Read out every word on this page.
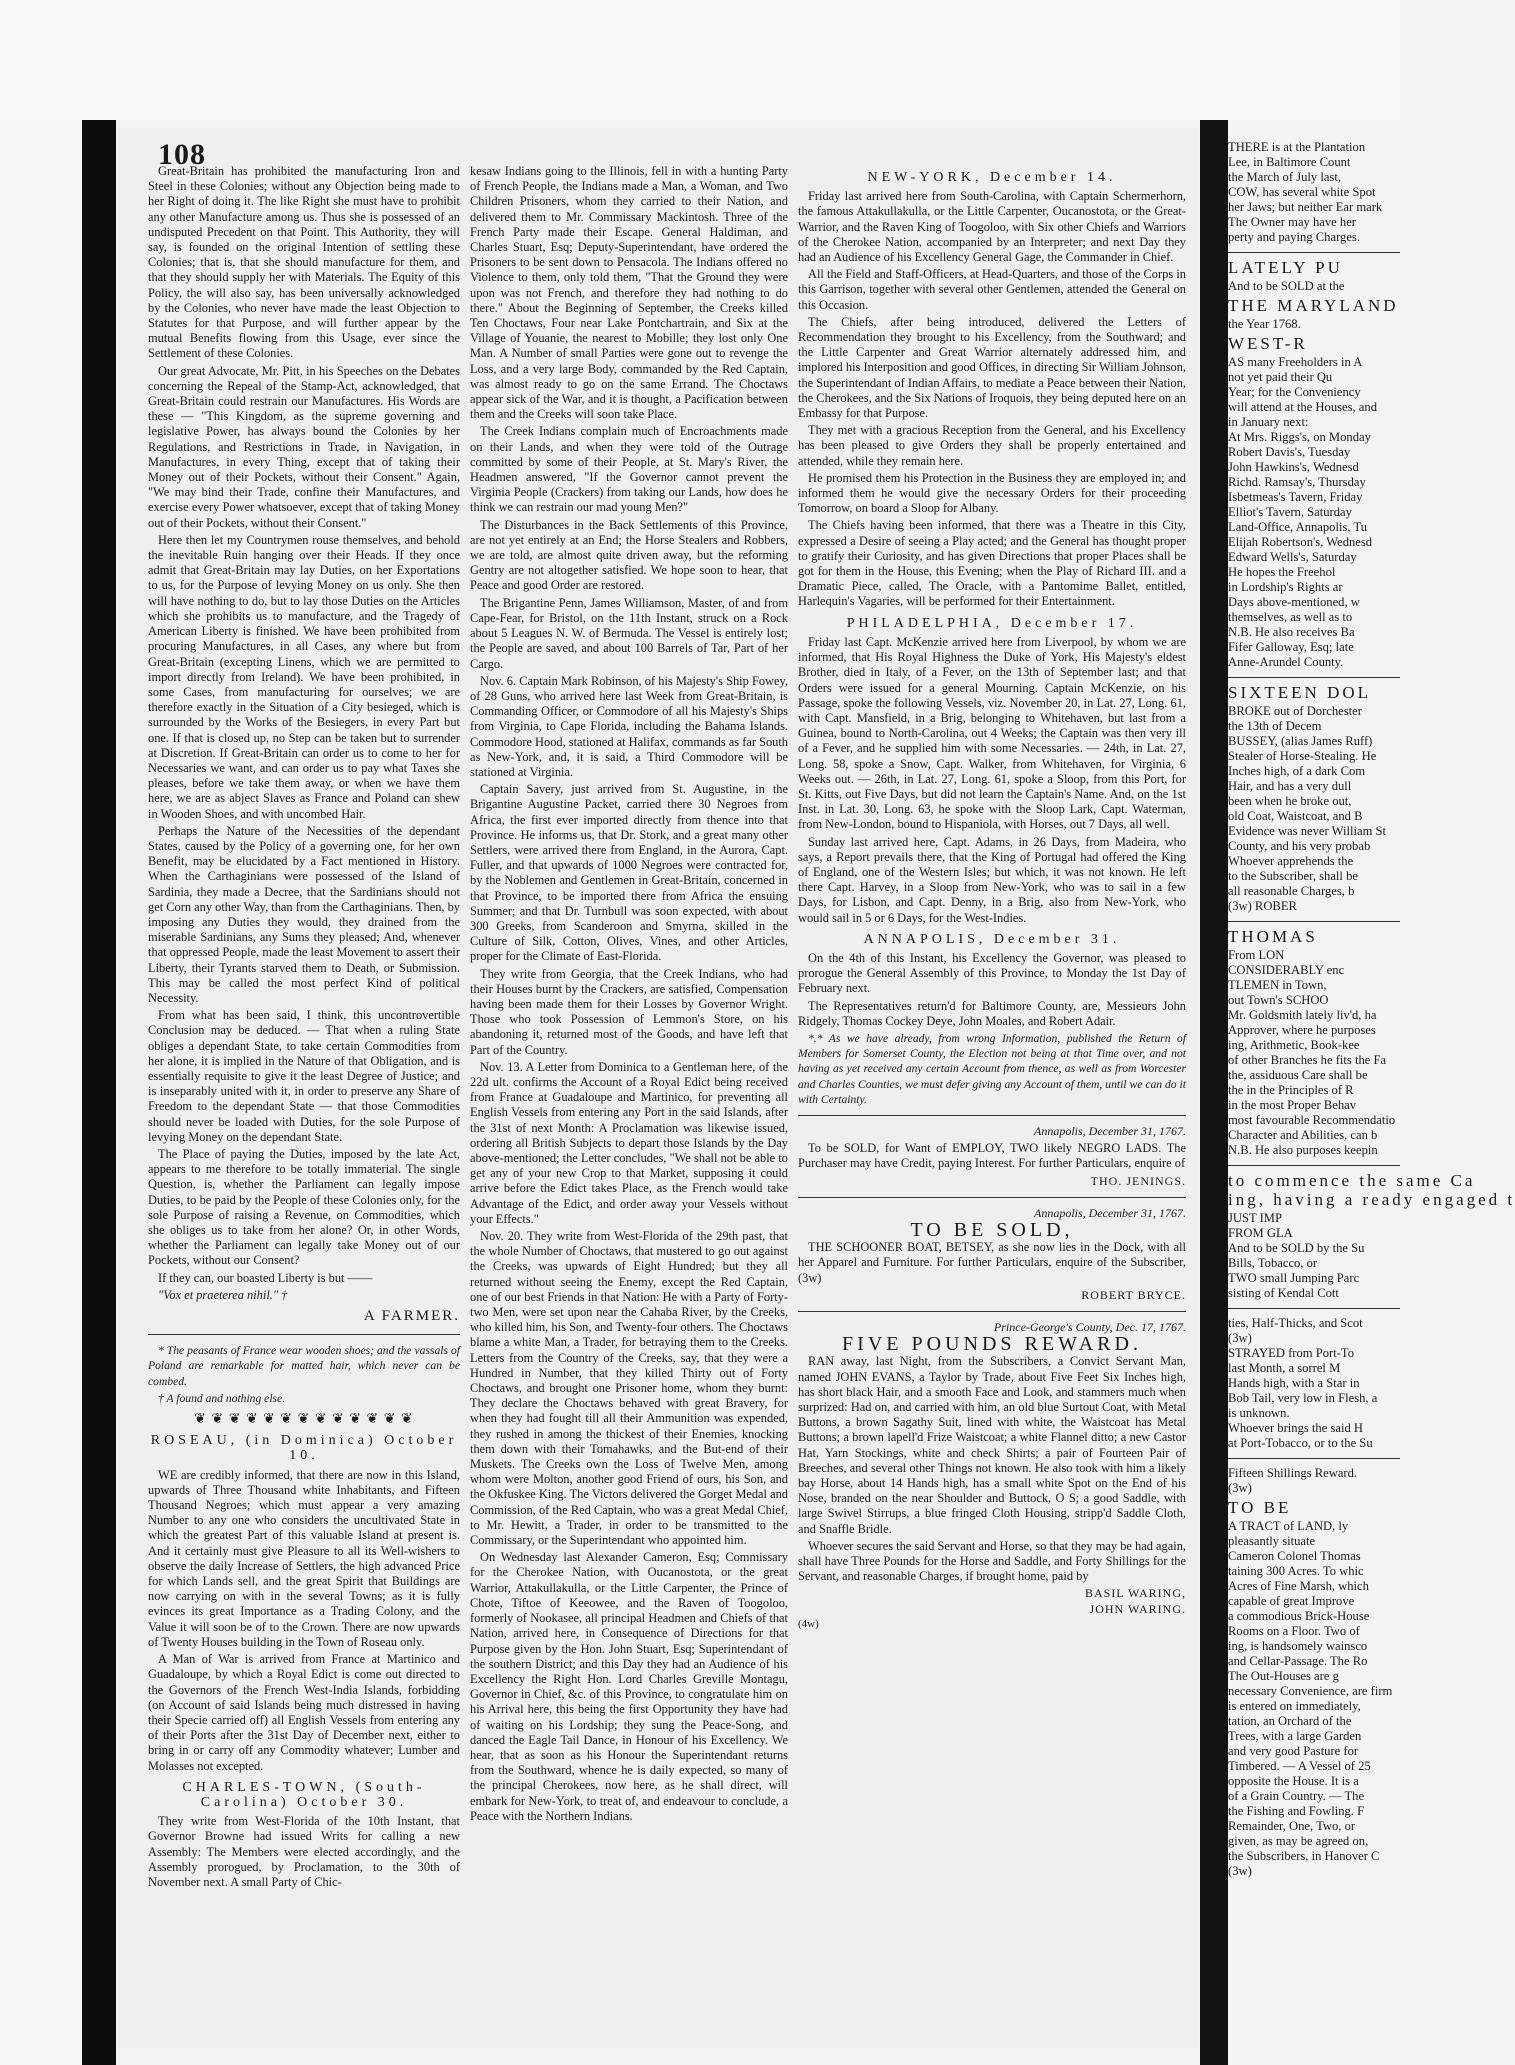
108

Great-Britain has prohibited the manufacturing Iron and Steel in these Colonies; without any Objection being made to her Right of doing it. The like Right she must have to prohibit any other Manufacture among us. Thus she is possessed of an undisputed Precedent on that Point. This Authority, they will say, is founded on the original Intention of settling these Colonies; that is, that she should manufacture for them, and that they should supply her with Materials. The Equity of this Policy, the will also say, has been universally acknowledged by the Colonies, who never have made the least Objection to Statutes for that Purpose, and will further appear by the mutual Benefits flowing from this Usage, ever since the Settlement of these Colonies.

Our great Advocate, Mr. Pitt, in his Speeches on the Debates concerning the Repeal of the Stamp-Act, acknowledged, that Great-Britain could restrain our Manufactures. His Words are these — "This Kingdom, as the supreme governing and legislative Power, has always bound the Colonies by her Regulations, and Restrictions in Trade, in Navigation, in Manufactures, in every Thing, except that of taking their Money out of their Pockets, without their Consent." Again, "We may bind their Trade, confine their Manufactures, and exercise every Power whatsoever, except that of taking Money out of their Pockets, without their Consent."

Here then let my Countrymen rouse themselves, and behold the inevitable Ruin hanging over their Heads. If they once admit that Great-Britain may lay Duties, on her Exportations to us, for the Purpose of levying Money on us only. She then will have nothing to do, but to lay those Duties on the Articles which she prohibits us to manufacture, and the Tragedy of American Liberty is finished. We have been prohibited from procuring Manufactures, in all Cases, any where but from Great-Britain (excepting Linens, which we are permitted to import directly from Ireland). We have been prohibited, in some Cases, from manufacturing for ourselves; we are therefore exactly in the Situation of a City besieged, which is surrounded by the Works of the Besiegers, in every Part but one. If that is closed up, no Step can be taken but to surrender at Discretion. If Great-Britain can order us to come to her for Necessaries we want, and can order us to pay what Taxes she pleases, before we take them away, or when we have them here, we are as abject Slaves as France and Poland can shew in Wooden Shoes, and with uncombed Hair.

Perhaps the Nature of the Necessities of the dependant States, caused by the Policy of a governing one, for her own Benefit, may be elucidated by a Fact mentioned in History. When the Carthaginians were possessed of the Island of Sardinia, they made a Decree, that the Sardinians should not get Corn any other Way, than from the Carthaginians. Then, by imposing any Duties they would, they drained from the miserable Sardinians, any Sums they pleased; And, whenever that oppressed People, made the least Movement to assert their Liberty, their Tyrants starved them to Death, or Submission. This may be called the most perfect Kind of political Necessity.

From what has been said, I think, this uncontrovertible Conclusion may be deduced. — That when a ruling State obliges a dependant State, to take certain Commodities from her alone, it is implied in the Nature of that Obligation, and is essentially requisite to give it the least Degree of Justice; and is inseparably united with it, in order to preserve any Share of Freedom to the dependant State — that those Commodities should never be loaded with Duties, for the sole Purpose of levying Money on the dependant State.

The Place of paying the Duties, imposed by the late Act, appears to me therefore to be totally immaterial. The single Question, is, whether the Parliament can legally impose Duties, to be paid by the People of these Colonies only, for the sole Purpose of raising a Revenue, on Commodities, which she obliges us to take from her alone? Or, in other Words, whether the Parliament can legally take Money out of our Pockets, without our Consent?

If they can, our boasted Liberty is but ——

"Vox et praeterea nihil." †

A FARMER.

* The peasants of France wear wooden shoes; and the vassals of Poland are remarkable for matted hair, which never can be combed.

† A found and nothing else.

❦ ❦ ❦ ❦ ❦ ❦ ❦ ❦ ❦ ❦ ❦ ❦ ❦
ROSEAU, (in Dominica) October 10.

WE are credibly informed, that there are now in this Island, upwards of Three Thousand white Inhabitants, and Fifteen Thousand Negroes; which must appear a very amazing Number to any one who considers the uncultivated State in which the greatest Part of this valuable Island at present is. And it certainly must give Pleasure to all its Well-wishers to observe the daily Increase of Settlers, the high advanced Price for which Lands sell, and the great Spirit that Buildings are now carrying on with in the several Towns; as it is fully evinces its great Importance as a Trading Colony, and the Value it will soon be of to the Crown. There are now upwards of Twenty Houses building in the Town of Roseau only.

A Man of War is arrived from France at Martinico and Guadaloupe, by which a Royal Edict is come out directed to the Governors of the French West-India Islands, forbidding (on Account of said Islands being much distressed in having their Specie carried off) all English Vessels from entering any of their Ports after the 31st Day of December next, either to bring in or carry off any Commodity whatever; Lumber and Molasses not excepted.

CHARLES-TOWN, (South-Carolina) October 30.

They write from West-Florida of the 10th Instant, that Governor Browne had issued Writs for calling a new Assembly: The Members were elected accordingly, and the Assembly prorogued, by Proclamation, to the 30th of November next. A small Party of Chic-

kesaw Indians going to the Illinois, fell in with a hunting Party of French People, the Indians made a Man, a Woman, and Two Children Prisoners, whom they carried to their Nation, and delivered them to Mr. Commissary Mackintosh. Three of the French Party made their Escape. General Haldiman, and Charles Stuart, Esq; Deputy-Superintendant, have ordered the Prisoners to be sent down to Pensacola. The Indians offered no Violence to them, only told them, "That the Ground they were upon was not French, and therefore they had nothing to do there." About the Beginning of September, the Creeks killed Ten Choctaws, Four near Lake Pontchartrain, and Six at the Village of Youanie, the nearest to Mobille; they lost only One Man. A Number of small Parties were gone out to revenge the Loss, and a very large Body, commanded by the Red Captain, was almost ready to go on the same Errand. The Choctaws appear sick of the War, and it is thought, a Pacification between them and the Creeks will soon take Place.

The Creek Indians complain much of Encroachments made on their Lands, and when they were told of the Outrage committed by some of their People, at St. Mary's River, the Headmen answered, "If the Governor cannot prevent the Virginia People (Crackers) from taking our Lands, how does he think we can restrain our mad young Men?"

The Disturbances in the Back Settlements of this Province, are not yet entirely at an End; the Horse Stealers and Robbers, we are told, are almost quite driven away, but the reforming Gentry are not altogether satisfied. We hope soon to hear, that Peace and good Order are restored.

The Brigantine Penn, James Williamson, Master, of and from Cape-Fear, for Bristol, on the 11th Instant, struck on a Rock about 5 Leagues N. W. of Bermuda. The Vessel is entirely lost; the People are saved, and about 100 Barrels of Tar, Part of her Cargo.

Nov. 6. Captain Mark Robinson, of his Majesty's Ship Fowey, of 28 Guns, who arrived here last Week from Great-Britain, is Commanding Officer, or Commodore of all his Majesty's Ships from Virginia, to Cape Florida, including the Bahama Islands. Commodore Hood, stationed at Halifax, commands as far South as New-York, and, it is said, a Third Commodore will be stationed at Virginia.

Captain Savery, just arrived from St. Augustine, in the Brigantine Augustine Packet, carried there 30 Negroes from Africa, the first ever imported directly from thence into that Province. He informs us, that Dr. Stork, and a great many other Settlers, were arrived there from England, in the Aurora, Capt. Fuller, and that upwards of 1000 Negroes were contracted for, by the Noblemen and Gentlemen in Great-Britain, concerned in that Province, to be imported there from Africa the ensuing Summer; and that Dr. Turnbull was soon expected, with about 300 Greeks, from Scanderoon and Smyrna, skilled in the Culture of Silk, Cotton, Olives, Vines, and other Articles, proper for the Climate of East-Florida.

They write from Georgia, that the Creek Indians, who had their Houses burnt by the Crackers, are satisfied, Compensation having been made them for their Losses by Governor Wright. Those who took Possession of Lemmon's Store, on his abandoning it, returned most of the Goods, and have left that Part of the Country.

Nov. 13. A Letter from Dominica to a Gentleman here, of the 22d ult. confirms the Account of a Royal Edict being received from France at Guadaloupe and Martinico, for preventing all English Vessels from entering any Port in the said Islands, after the 31st of next Month: A Proclamation was likewise issued, ordering all British Subjects to depart those Islands by the Day above-mentioned; the Letter concludes, "We shall not be able to get any of your new Crop to that Market, supposing it could arrive before the Edict takes Place, as the French would take Advantage of the Edict, and order away your Vessels without your Effects."

Nov. 20. They write from West-Florida of the 29th past, that the whole Number of Choctaws, that mustered to go out against the Creeks, was upwards of Eight Hundred; but they all returned without seeing the Enemy, except the Red Captain, one of our best Friends in that Nation: He with a Party of Forty-two Men, were set upon near the Cahaba River, by the Creeks, who killed him, his Son, and Twenty-four others. The Choctaws blame a white Man, a Trader, for betraying them to the Creeks. Letters from the Country of the Creeks, say, that they were a Hundred in Number, that they killed Thirty out of Forty Choctaws, and brought one Prisoner home, whom they burnt: They declare the Choctaws behaved with great Bravery, for when they had fought till all their Ammunition was expended, they rushed in among the thickest of their Enemies, knocking them down with their Tomahawks, and the But-end of their Muskets. The Creeks own the Loss of Twelve Men, among whom were Molton, another good Friend of ours, his Son, and the Okfuskee King. The Victors delivered the Gorget Medal and Commission, of the Red Captain, who was a great Medal Chief, to Mr. Hewitt, a Trader, in order to be transmitted to the Commissary, or the Superintendant who appointed him.

On Wednesday last Alexander Cameron, Esq; Commissary for the Cherokee Nation, with Oucanostota, or the great Warrior, Attakullakulla, or the Little Carpenter, the Prince of Chote, Tiftoe of Keeowee, and the Raven of Toogoloo, formerly of Nookasee, all principal Headmen and Chiefs of that Nation, arrived here, in Consequence of Directions for that Purpose given by the Hon. John Stuart, Esq; Superintendant of the southern District; and this Day they had an Audience of his Excellency the Right Hon. Lord Charles Greville Montagu, Governor in Chief, &c. of this Province, to congratulate him on his Arrival here, this being the first Opportunity they have had of waiting on his Lordship; they sung the Peace-Song, and danced the Eagle Tail Dance, in Honour of his Excellency. We hear, that as soon as his Honour the Superintendant returns from the Southward, whence he is daily expected, so many of the principal Cherokees, now here, as he shall direct, will embark for New-York, to treat of, and endeavour to conclude, a Peace with the Northern Indians.

NEW-YORK, December 14.

Friday last arrived here from South-Carolina, with Captain Schermerhorn, the famous Attakullakulla, or the Little Carpenter, Oucanostota, or the Great-Warrior, and the Raven King of Toogoloo, with Six other Chiefs and Warriors of the Cherokee Nation, accompanied by an Interpreter; and next Day they had an Audience of his Excellency General Gage, the Commander in Chief.

All the Field and Staff-Officers, at Head-Quarters, and those of the Corps in this Garrison, together with several other Gentlemen, attended the General on this Occasion.

The Chiefs, after being introduced, delivered the Letters of Recommendation they brought to his Excellency, from the Southward; and the Little Carpenter and Great Warrior alternately addressed him, and implored his Interposition and good Offices, in directing Sir William Johnson, the Superintendant of Indian Affairs, to mediate a Peace between their Nation, the Cherokees, and the Six Nations of Iroquois, they being deputed here on an Embassy for that Purpose.

They met with a gracious Reception from the General, and his Excellency has been pleased to give Orders they shall be properly entertained and attended, while they remain here.

He promised them his Protection in the Business they are employed in; and informed them he would give the necessary Orders for their proceeding Tomorrow, on board a Sloop for Albany.

The Chiefs having been informed, that there was a Theatre in this City, expressed a Desire of seeing a Play acted; and the General has thought proper to gratify their Curiosity, and has given Directions that proper Places shall be got for them in the House, this Evening; when the Play of Richard III. and a Dramatic Piece, called, The Oracle, with a Pantomime Ballet, entitled, Harlequin's Vagaries, will be performed for their Entertainment.

PHILADELPHIA, December 17.

Friday last Capt. McKenzie arrived here from Liverpool, by whom we are informed, that His Royal Highness the Duke of York, His Majesty's eldest Brother, died in Italy, of a Fever, on the 13th of September last; and that Orders were issued for a general Mourning. Captain McKenzie, on his Passage, spoke the following Vessels, viz. November 20, in Lat. 27, Long. 61, with Capt. Mansfield, in a Brig, belonging to Whitehaven, but last from a Guinea, bound to North-Carolina, out 4 Weeks; the Captain was then very ill of a Fever, and he supplied him with some Necessaries. — 24th, in Lat. 27, Long. 58, spoke a Snow, Capt. Walker, from Whitehaven, for Virginia, 6 Weeks out. — 26th, in Lat. 27, Long. 61, spoke a Sloop, from this Port, for St. Kitts, out Five Days, but did not learn the Captain's Name. And, on the 1st Inst. in Lat. 30, Long. 63, he spoke with the Sloop Lark, Capt. Waterman, from New-London, bound to Hispaniola, with Horses, out 7 Days, all well.

Sunday last arrived here, Capt. Adams, in 26 Days, from Madeira, who says, a Report prevails there, that the King of Portugal had offered the King of England, one of the Western Isles; but which, it was not known. He left there Capt. Harvey, in a Sloop from New-York, who was to sail in a few Days, for Lisbon, and Capt. Denny, in a Brig, also from New-York, who would sail in 5 or 6 Days, for the West-Indies.

ANNAPOLIS, December 31.

On the 4th of this Instant, his Excellency the Governor, was pleased to prorogue the General Assembly of this Province, to Monday the 1st Day of February next.

The Representatives return'd for Baltimore County, are, Messieurs John Ridgely, Thomas Cockey Deye, John Moales, and Robert Adair.

*.* As we have already, from wrong Information, published the Return of Members for Somerset County, the Election not being at that Time over, and not having as yet received any certain Account from thence, as well as from Worcester and Charles Counties, we must defer giving any Account of them, until we can do it with Certainty.

Annapolis, December 31, 1767.

To be SOLD, for Want of EMPLOY, TWO likely NEGRO LADS. The Purchaser may have Credit, paying Interest. For further Particulars, enquire of

THO. JENINGS.
Annapolis, December 31, 1767.
TO BE SOLD,

THE SCHOONER BOAT, BETSEY, as she now lies in the Dock, with all her Apparel and Furniture. For further Particulars, enquire of the Subscriber, (3w)

ROBERT BRYCE.
Prince-George's County, Dec. 17, 1767.
FIVE POUNDS REWARD.

RAN away, last Night, from the Subscribers, a Convict Servant Man, named JOHN EVANS, a Taylor by Trade, about Five Feet Six Inches high, has short black Hair, and a smooth Face and Look, and stammers much when surprized: Had on, and carried with him, an old blue Surtout Coat, with Metal Buttons, a brown Sagathy Suit, lined with white, the Waistcoat has Metal Buttons; a brown lapell'd Frize Waistcoat; a white Flannel ditto; a new Castor Hat, Yarn Stockings, white and check Shirts; a pair of Fourteen Pair of Breeches, and several other Things not known. He also took with him a likely bay Horse, about 14 Hands high, has a small white Spot on the End of his Nose, branded on the near Shoulder and Buttock, O S; a good Saddle, with large Swivel Stirrups, a blue fringed Cloth Housing, stripp'd Saddle Cloth, and Snaffle Bridle.

Whoever secures the said Servant and Horse, so that they may be had again, shall have Three Pounds for the Horse and Saddle, and Forty Shillings for the Servant, and reasonable Charges, if brought home, paid by

BASIL WARING,
JOHN WARING.
(4w)
THERE is at the Plantation
Lee, in Baltimore Count
the March of July last,
COW, has several white Spot
her Jaws; but neither Ear mark
The Owner may have her
perty and paying Charges.
LATELY PU
And to be SOLD at the
THE MARYLAND
the Year 1768.
WEST-R
AS many Freeholders in A
not yet paid their Qu
Year; for the Conveniency
will attend at the Houses, and
in January next:
At Mrs. Riggs's, on Monday
Robert Davis's, Tuesday
John Hawkins's, Wednesd
Richd. Ramsay's, Thursday
Isbetmeas's Tavern, Friday
Elliot's Tavern, Saturday
Land-Office, Annapolis, Tu
Elijah Robertson's, Wednesd
Edward Wells's, Saturday
He hopes the Freehol
in Lordship's Rights ar
Days above-mentioned, w
themselves, as well as to
N.B. He also receives Ba
Fifer Galloway, Esq; late
Anne-Arundel County.
SIXTEEN DOL
BROKE out of Dorchester
the 13th of Decem
BUSSEY, (alias James Ruff)
Stealer of Horse-Stealing. He
Inches high, of a dark Com
Hair, and has a very dull
been when he broke out,
old Coat, Waistcoat, and B
Evidence was never William St
County, and his very probab
Whoever apprehends the
to the Subscriber, shall be
all reasonable Charges, b
(3w) ROBER
THOMAS
From LON
CONSIDERABLY enc
TLEMEN in Town,
out Town's SCHOO
Mr. Goldsmith lately liv'd, ha
Approver, where he purposes
ing, Arithmetic, Book-kee
of other Branches he fits the Fa
the, assiduous Care shall be
the in the Principles of R
in the most Proper Behav
most favourable Recommendatio
Character and Abilities, can b
N.B. He also purposes keepin
to commence the same Ca
ing, having a ready engaged t
JUST IMP
FROM GLA
And to be SOLD by the Su
Bills, Tobacco, or
TWO small Jumping Parc
sisting of Kendal Cott
ties, Half-Thicks, and Scot
(3w)
STRAYED from Port-To
last Month, a sorrel M
Hands high, with a Star in
Bob Tail, very low in Flesh, a
is unknown.
Whoever brings the said H
at Port-Tobacco, or to the Su
Fifteen Shillings Reward.
(3w)
TO BE
A TRACT of LAND, ly
pleasantly situate
Cameron Colonel Thomas
taining 300 Acres. To whic
Acres of Fine Marsh, which
capable of great Improve
a commodious Brick-House
Rooms on a Floor. Two of
ing, is handsomely wainsco
and Cellar-Passage. The Ro
The Out-Houses are g
necessary Convenience, are firm
is entered on immediately,
tation, an Orchard of the
Trees, with a large Garden
and very good Pasture for
Timbered. — A Vessel of 25
opposite the House. It is a
of a Grain Country. — The
the Fishing and Fowling. F
Remainder, One, Two, or
given, as may be agreed on,
the Subscribers, in Hanover C
(3w)
